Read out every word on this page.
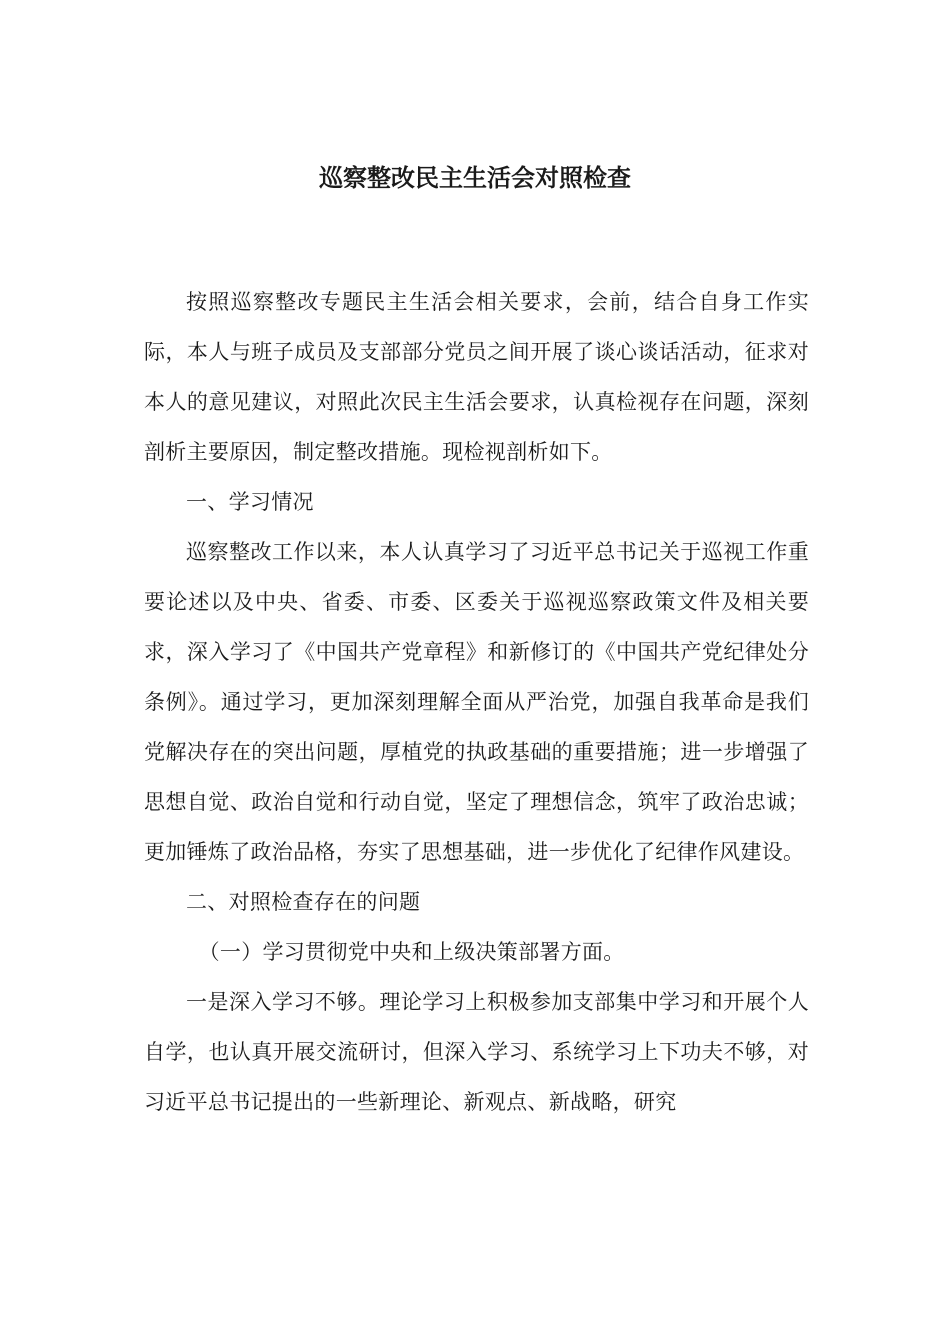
巡察整改民主生活会对照检查

按照巡察整改专题民主生活会相关要求，会前，结合自身工作实际，本人与班子成员及支部部分党员之间开展了谈心谈话活动，征求对本人的意见建议，对照此次民主生活会要求，认真检视存在问题，深刻剖析主要原因，制定整改措施。现检视剖析如下。

一、学习情况

巡察整改工作以来，本人认真学习了习近平总书记关于巡视工作重要论述以及中央、省委、市委、区委关于巡视巡察政策文件及相关要求，深入学习了《中国共产党章程》和新修订的《中国共产党纪律处分条例》。通过学习，更加深刻理解全面从严治党，加强自我革命是我们党解决存在的突出问题，厚植党的执政基础的重要措施；进一步增强了思想自觉、政治自觉和行动自觉，坚定了理想信念，筑牢了政治忠诚；更加锤炼了政治品格，夯实了思想基础，进一步优化了纪律作风建设。

二、对照检查存在的问题

（一）学习贯彻党中央和上级决策部署方面。

一是深入学习不够。理论学习上积极参加支部集中学习和开展个人自学，也认真开展交流研讨，但深入学习、系统学习上下功夫不够，对习近平总书记提出的一些新理论、新观点、新战略，研究
